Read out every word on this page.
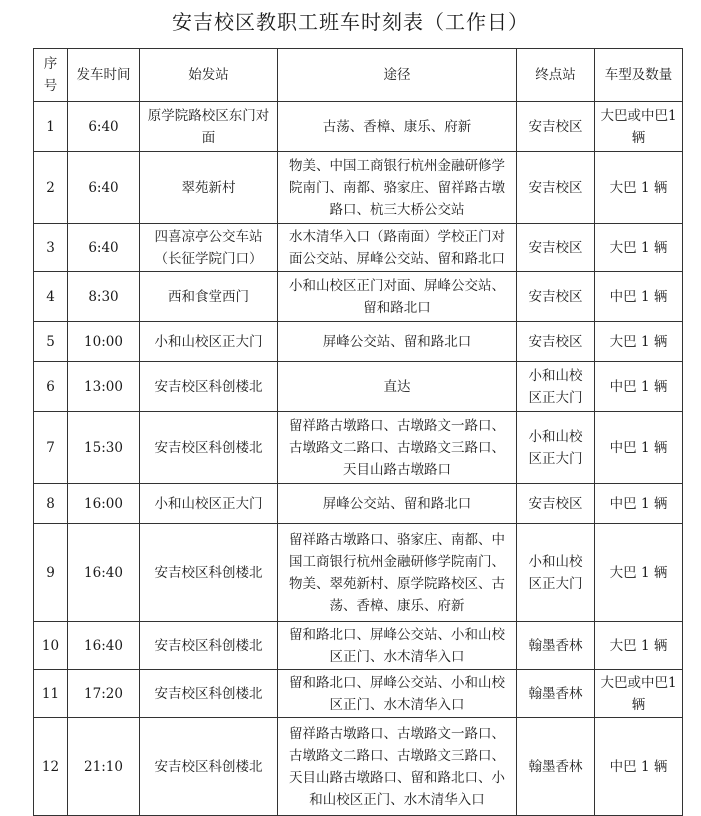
安吉校区教职工班车时刻表（工作日）
序号	发车时间	始发站	途径	终点站	车型及数量
1	6:40	原学院路校区东门对面	古荡、香樟、康乐、府新	安吉校区	大巴或中巴1辆
2	6:40	翠苑新村	物美、中国工商银行杭州金融研修学院南门、南都、骆家庄、留祥路古墩路口、杭三大桥公交站	安吉校区	大巴 1 辆
3	6:40	四喜凉亭公交车站（长征学院门口）	水木清华入口（路南面）学校正门对面公交站、屏峰公交站、留和路北口	安吉校区	大巴 1 辆
4	8:30	西和食堂西门	小和山校区正门对面、屏峰公交站、留和路北口	安吉校区	中巴 1 辆
5	10:00	小和山校区正大门	屏峰公交站、留和路北口	安吉校区	大巴 1 辆
6	13:00	安吉校区科创楼北	直达	小和山校区正大门	中巴 1 辆
7	15:30	安吉校区科创楼北	留祥路古墩路口、古墩路文一路口、古墩路文二路口、古墩路文三路口、天目山路古墩路口	小和山校区正大门	中巴 1 辆
8	16:00	小和山校区正大门	屏峰公交站、留和路北口	安吉校区	中巴 1 辆
9	16:40	安吉校区科创楼北	留祥路古墩路口、骆家庄、南都、中国工商银行杭州金融研修学院南门、物美、翠苑新村、原学院路校区、古荡、香樟、康乐、府新	小和山校区正大门	大巴 1 辆
10	16:40	安吉校区科创楼北	留和路北口、屏峰公交站、小和山校区正门、水木清华入口	翰墨香林	大巴 1 辆
11	17:20	安吉校区科创楼北	留和路北口、屏峰公交站、小和山校区正门、水木清华入口	翰墨香林	大巴或中巴1辆
12	21:10	安吉校区科创楼北	留祥路古墩路口、古墩路文一路口、古墩路文二路口、古墩路文三路口、天目山路古墩路口、留和路北口、小和山校区正门、水木清华入口	翰墨香林	中巴 1 辆
